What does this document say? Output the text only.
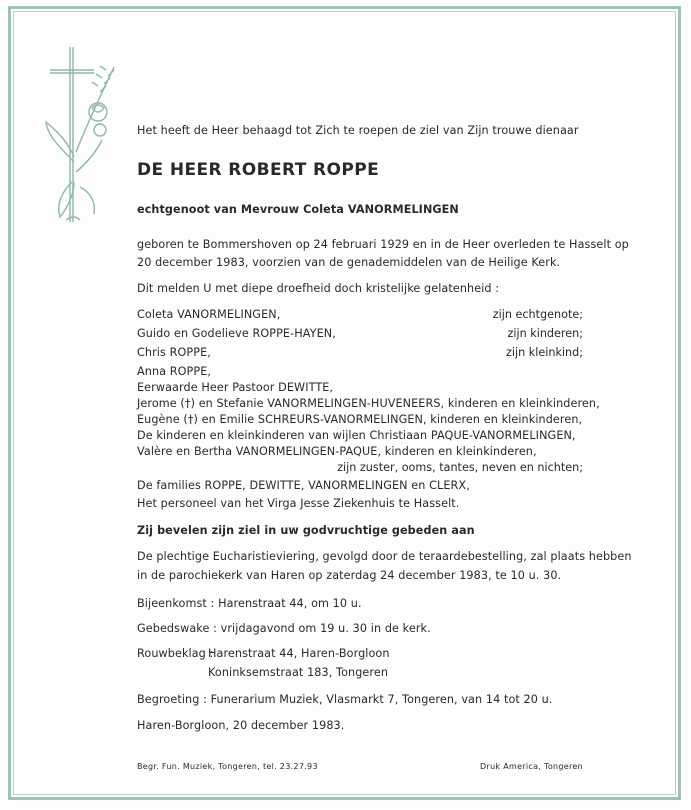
Het heeft de Heer behaagd tot Zich te roepen de ziel van Zijn trouwe dienaar
DE HEER ROBERT ROPPE
echtgenoot van Mevrouw Coleta VANORMELINGEN
geboren te Bommershoven op 24 februari 1929 en in de Heer overleden te Hasselt op
20 december 1983, voorzien van de genademiddelen van de Heilige Kerk.
Dit melden U met diepe droefheid doch kristelijke gelatenheid :
Coleta VANORMELINGEN,	zijn echtgenote;
Guido en Godelieve ROPPE-HAYEN,	zijn kinderen;
Chris ROPPE,	zijn kleinkind;
Anna ROPPE,
Eerwaarde Heer Pastoor DEWITTE,
Jerome (†) en Stefanie VANORMELINGEN-HUVENEERS, kinderen en kleinkinderen,
Eugène (†) en Emilie SCHREURS-VANORMELINGEN, kinderen en kleinkinderen,
De kinderen en kleinkinderen van wijlen Christiaan PAQUE-VANORMELINGEN,
Valère en Bertha VANORMELINGEN-PAQUE, kinderen en kleinkinderen,
zijn zuster, ooms, tantes, neven en nichten;
De families ROPPE, DEWITTE, VANORMELINGEN en CLERX,
Het personeel van het Virga Jesse Ziekenhuis te Hasselt.
Zij bevelen zijn ziel in uw godvruchtige gebeden aan
De plechtige Eucharistieviering, gevolgd door de teraardebestelling, zal plaats hebben
in de parochiekerk van Haren op zaterdag 24 december 1983, te 10 u. 30.
Bijeenkomst : Harenstraat 44, om 10 u.
Gebedswake : vrijdagavond om 19 u. 30 in de kerk.
Rouwbeklag :
Harenstraat 44, Haren-Borgloon
Koninksemstraat 183, Tongeren
Begroeting : Funerarium Muziek, Vlasmarkt 7, Tongeren, van 14 tot 20 u.
Haren-Borgloon, 20 december 1983.
Begr. Fun. Muziek, Tongeren, tel. 23.27.93	Druk America, Tongeren
